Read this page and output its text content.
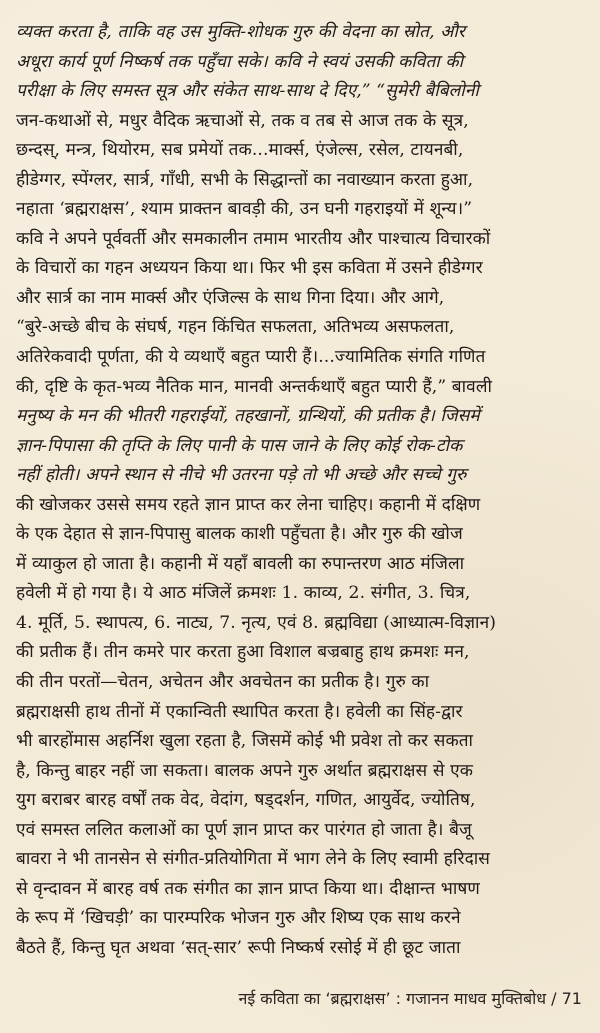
व्यक्त करता है, ताकि वह उस मुक्ति-शोधक गुरु की वेदना का स्रोत, और
अधूरा कार्य पूर्ण निष्कर्ष तक पहुँचा सके। कवि ने स्वयं उसकी कविता की
परीक्षा के लिए समस्त सूत्र और संकेत साथ-साथ दे दिए,” “सुमेरी बैबिलोनी
जन-कथाओं से, मधुर वैदिक ऋचाओं से, तक व तब से आज तक के सूत्र,
छन्दस्, मन्त्र, थियोरम, सब प्रमेयों तक...मार्क्स, एंजेल्स, रसेल, टायनबी,
हीडेग्गर, स्पेंग्लर, सार्त्र, गाँधी, सभी के सिद्धान्तों का नवाख्यान करता हुआ,
नहाता ‘ब्रह्मराक्षस’, श्याम प्राक्तन बावड़ी की, उन घनी गहराइयों में शून्य।”
कवि ने अपने पूर्ववर्ती और समकालीन तमाम भारतीय और पाश्चात्य विचारकों
के विचारों का गहन अध्ययन किया था। फिर भी इस कविता में उसने हीडेग्गर
और सार्त्र का नाम मार्क्स और एंजिल्स के साथ गिना दिया। और आगे,
“बुरे-अच्छे बीच के संघर्ष, गहन किंचित सफलता, अतिभव्य असफलता,
अतिरेकवादी पूर्णता, की ये व्यथाएँ बहुत प्यारी हैं।...ज्यामितिक संगति गणित
की, दृष्टि के कृत-भव्य नैतिक मान, मानवी अन्तर्कथाएँ बहुत प्यारी हैं,” बावली
मनुष्य के मन की भीतरी गहराईयों, तहखानों, ग्रन्थियों, की प्रतीक है। जिसमें
ज्ञान-पिपासा की तृप्ति के लिए पानी के पास जाने के लिए कोई रोक-टोक
नहीं होती। अपने स्थान से नीचे भी उतरना पड़े तो भी अच्छे और सच्चे गुरु
की खोजकर उससे समय रहते ज्ञान प्राप्त कर लेना चाहिए। कहानी में दक्षिण
के एक देहात से ज्ञान-पिपासु बालक काशी पहुँचता है। और गुरु की खोज
में व्याकुल हो जाता है। कहानी में यहाँ बावली का रुपान्तरण आठ मंजिला
हवेली में हो गया है। ये आठ मंजिलें क्रमशः 1. काव्य, 2. संगीत, 3. चित्र,
4. मूर्ति, 5. स्थापत्य, 6. नाट्य, 7. नृत्य, एवं 8. ब्रह्मविद्या (आध्यात्म-विज्ञान)
की प्रतीक हैं। तीन कमरे पार करता हुआ विशाल बज्रबाहु हाथ क्रमशः मन,
की तीन परतों—चेतन, अचेतन और अवचेतन का प्रतीक है। गुरु का
ब्रह्मराक्षसी हाथ तीनों में एकान्विती स्थापित करता है। हवेली का सिंह-द्वार
भी बारहोंमास अहर्निश खुला रहता है, जिसमें कोई भी प्रवेश तो कर सकता
है, किन्तु बाहर नहीं जा सकता। बालक अपने गुरु अर्थात ब्रह्मराक्षस से एक
युग बराबर बारह वर्षों तक वेद, वेदांग, षड्दर्शन, गणित, आयुर्वेद, ज्योतिष,
एवं समस्त ललित कलाओं का पूर्ण ज्ञान प्राप्त कर पारंगत हो जाता है। बैजू
बावरा ने भी तानसेन से संगीत-प्रतियोगिता में भाग लेने के लिए स्वामी हरिदास
से वृन्दावन में बारह वर्ष तक संगीत का ज्ञान प्राप्त किया था। दीक्षान्त भाषण
के रूप में ‘खिचड़ी’ का पारम्परिक भोजन गुरु और शिष्य एक साथ करने
बैठते हैं, किन्तु घृत अथवा ‘सत्-सार’ रूपी निष्कर्ष रसोई में ही छूट जाता
नई कविता का ‘ब्रह्मराक्षस’ : गजानन माधव मुक्तिबोध / 71
